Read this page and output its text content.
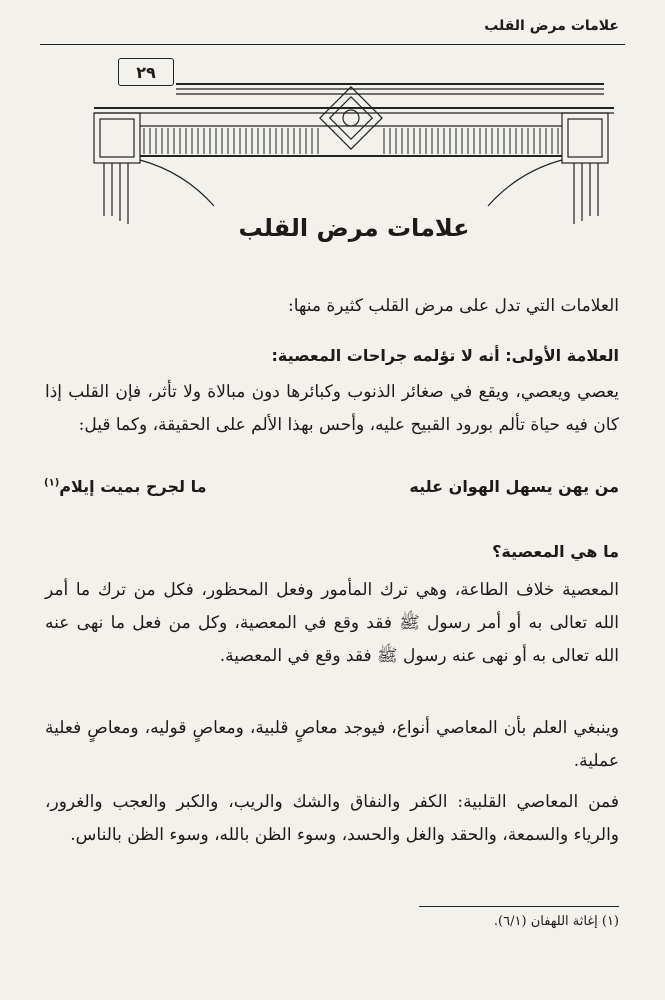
علامات مرض القلب
٢٩
علامات مرض القلب
العلامات التي تدل على مرض القلب كثيرة منها:
العلامة الأولى: أنه لا تؤلمه جراحات المعصية:
يعصي ويعصي، ويقع في صغائر الذنوب وكبائرها دون مبالاة ولا تأثر، فإن القلب إذا كان فيه حياة تألم بورود القبيح عليه، وأحس بهذا الألم على الحقيقة، وكما قيل:
من يهن يسهل الهوان عليه
ما لجرح بميت إيلام$^{(١)}$
ما هي المعصية؟
المعصية خلاف الطاعة، وهي ترك المأمور وفعل المحظور، فكل من ترك ما أمر الله تعالى به أو أمر رسول ﷺ فقد وقع في المعصية، وكل من فعل ما نهى عنه الله تعالى به أو نهى عنه رسول ﷺ فقد وقع في المعصية.
وينبغي العلم بأن المعاصي أنواع، فيوجد معاصٍ قلبية، ومعاصٍ قوليه، ومعاصٍ فعلية عملية.
فمن المعاصي القلبية: الكفر والنفاق والشك والريب، والكبر والعجب والغرور، والرياء والسمعة، والحقد والغل والحسد، وسوء الظن بالله، وسوء الظن بالناس.
(١) إغاثة اللهفان (٦/١).
